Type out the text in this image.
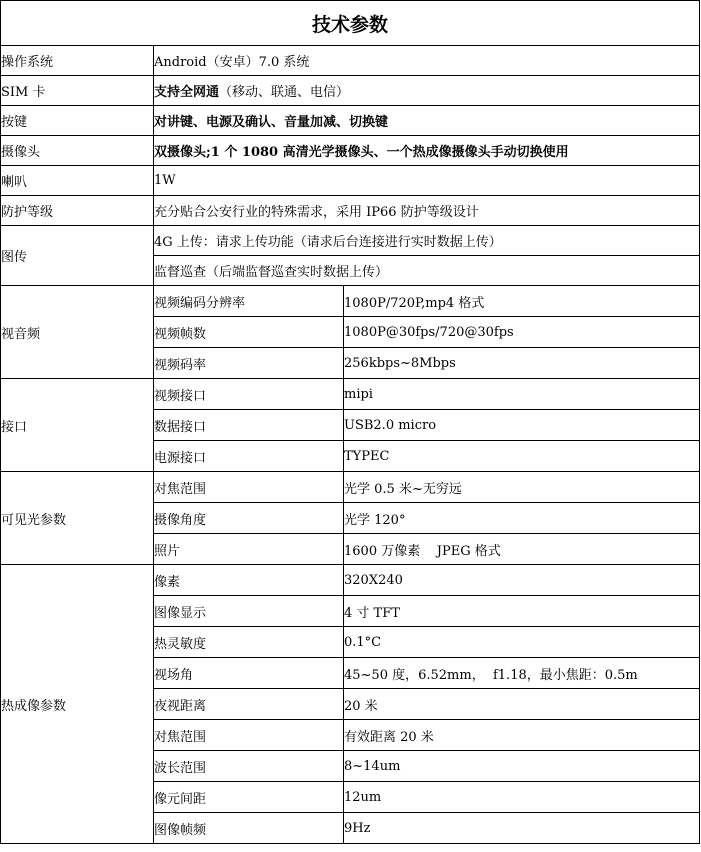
技术参数		
操作系统	Android（安卓）7.0 系统	
SIM 卡	支持全网通（移动、联通、电信）	
按键	对讲键、电源及确认、音量加减、切换键	
摄像头	双摄像头;1 个 1080 高清光学摄像头、一个热成像摄像头手动切换使用	
喇叭	1W	
防护等级	充分贴合公安行业的特殊需求，采用 IP66 防护等级设计	
图传	4G 上传：请求上传功能（请求后台连接进行实时数据上传）	
	监督巡查（后端监督巡查实时数据上传）	
视音频	视频编码分辨率	1080P/720P,mp4 格式
	视频帧数	1080P@30fps/720@30fps
	视频码率	256kbps~8Mbps
接口	视频接口	mipi
	数据接口	USB2.0 micro
	电源接口	TYPEC
可见光参数	对焦范围	光学 0.5 米~无穷远
	摄像角度	光学 120°
	照片	1600 万像素    JPEG 格式
热成像参数	像素	320X240
	图像显示	4 寸 TFT
	热灵敏度	0.1°C
	视场角	45~50 度，6.52mm，  f1.18，最小焦距：0.5m
	夜视距离	20 米
	对焦范围	有效距离 20 米
	波长范围	8~14um
	像元间距	12um
	图像帧频	9Hz
